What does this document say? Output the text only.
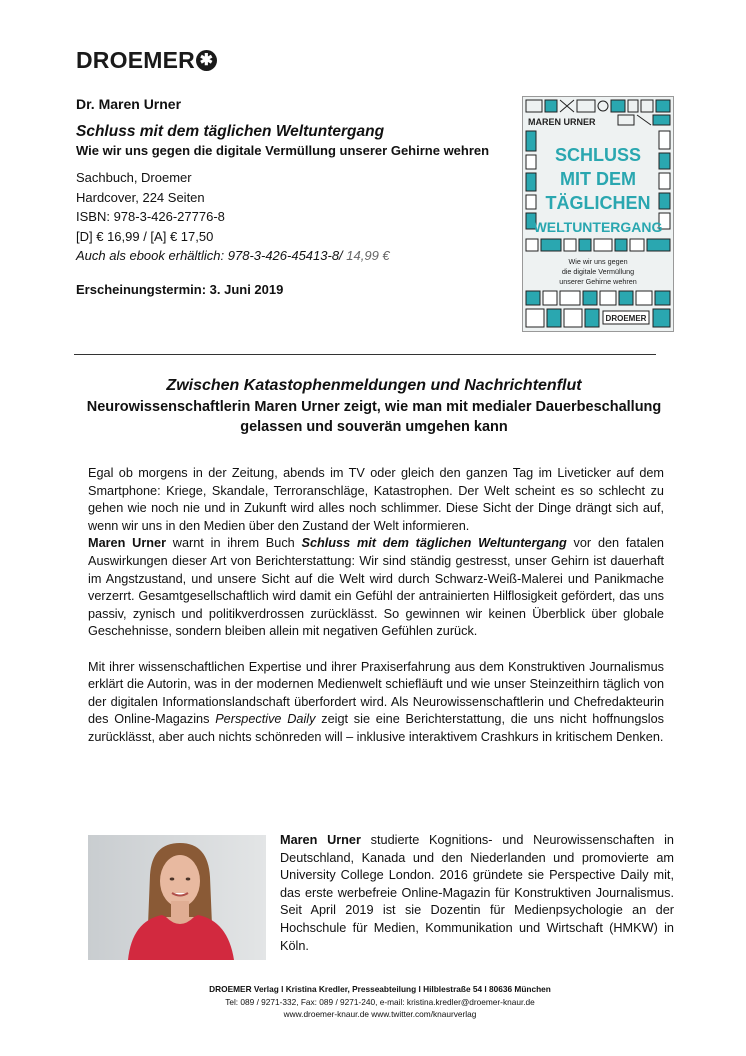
DROEMER ✱
Dr. Maren Urner
Schluss mit dem täglichen Weltuntergang
Wie wir uns gegen die digitale Vermüllung unserer Gehirne wehren
Sachbuch, Droemer
Hardcover, 224 Seiten
ISBN: 978-3-426-27776-8
[D] € 16,99 / [A] € 17,50
Auch als ebook erhältlich: 978-3-426-45413-8/ 14,99 €
Erscheinungstermin: 3. Juni 2019
MAREN URNER
SCHLUSS
MIT DEM
TÄGLICHEN
WELTUNTERGANG
Wie wir uns gegen
die digitale Vermüllung
unserer Gehirne wehren
DROEMER
Zwischen Katastophenmeldungen und Nachrichtenflut
Neurowissenschaftlerin Maren Urner zeigt, wie man mit medialer Dauerbeschallung gelassen und souverän umgehen kann

Egal ob morgens in der Zeitung, abends im TV oder gleich den ganzen Tag im Liveticker auf dem Smartphone: Kriege, Skandale, Terroranschläge, Katastrophen. Der Welt scheint es so schlecht zu gehen wie noch nie und in Zukunft wird alles noch schlimmer. Diese Sicht der Dinge drängt sich auf, wenn wir uns in den Medien über den Zustand der Welt informieren.

Maren Urner warnt in ihrem Buch Schluss mit dem täglichen Weltuntergang vor den fatalen Auswirkungen dieser Art von Berichterstattung: Wir sind ständig gestresst, unser Gehirn ist dauerhaft im Angstzustand, und unsere Sicht auf die Welt wird durch Schwarz-Weiß-Malerei und Panikmache verzerrt. Gesamtgesellschaftlich wird damit ein Gefühl der antrainierten Hilflosigkeit gefördert, das uns passiv, zynisch und politikverdrossen zurücklässt. So gewinnen wir keinen Überblick über globale Geschehnisse, sondern bleiben allein mit negativen Gefühlen zurück.

Mit ihrer wissenschaftlichen Expertise und ihrer Praxiserfahrung aus dem Konstruktiven Journalismus erklärt die Autorin, was in der modernen Medienwelt schiefläuft und wie unser Steinzeithirn täglich von der digitalen Informationslandschaft überfordert wird. Als Neurowissenschaftlerin und Chefredakteurin des Online-Magazins Perspective Daily zeigt sie eine Berichterstattung, die uns nicht hoffnungslos zurücklässt, aber auch nichts schönreden will – inklusive interaktivem Crashkurs in kritischem Denken.

Maren Urner studierte Kognitions- und Neurowissenschaften in Deutschland, Kanada und den Niederlanden und promovierte am University College London. 2016 gründete sie Perspective Daily mit, das erste werbefreie Online-Magazin für Konstruktiven Journalismus. Seit April 2019 ist sie Dozentin für Medienpsychologie an der Hochschule für Medien, Kommunikation und Wirtschaft (HMKW) in Köln.
DROEMER Verlag l Kristina Kredler, Presseabteilung l Hilblestraße 54 l 80636 München
Tel: 089 / 9271-332, Fax: 089 / 9271-240, e-mail: kristina.kredler@droemer-knaur.de
www.droemer-knaur.de www.twitter.com/knaurverlag
